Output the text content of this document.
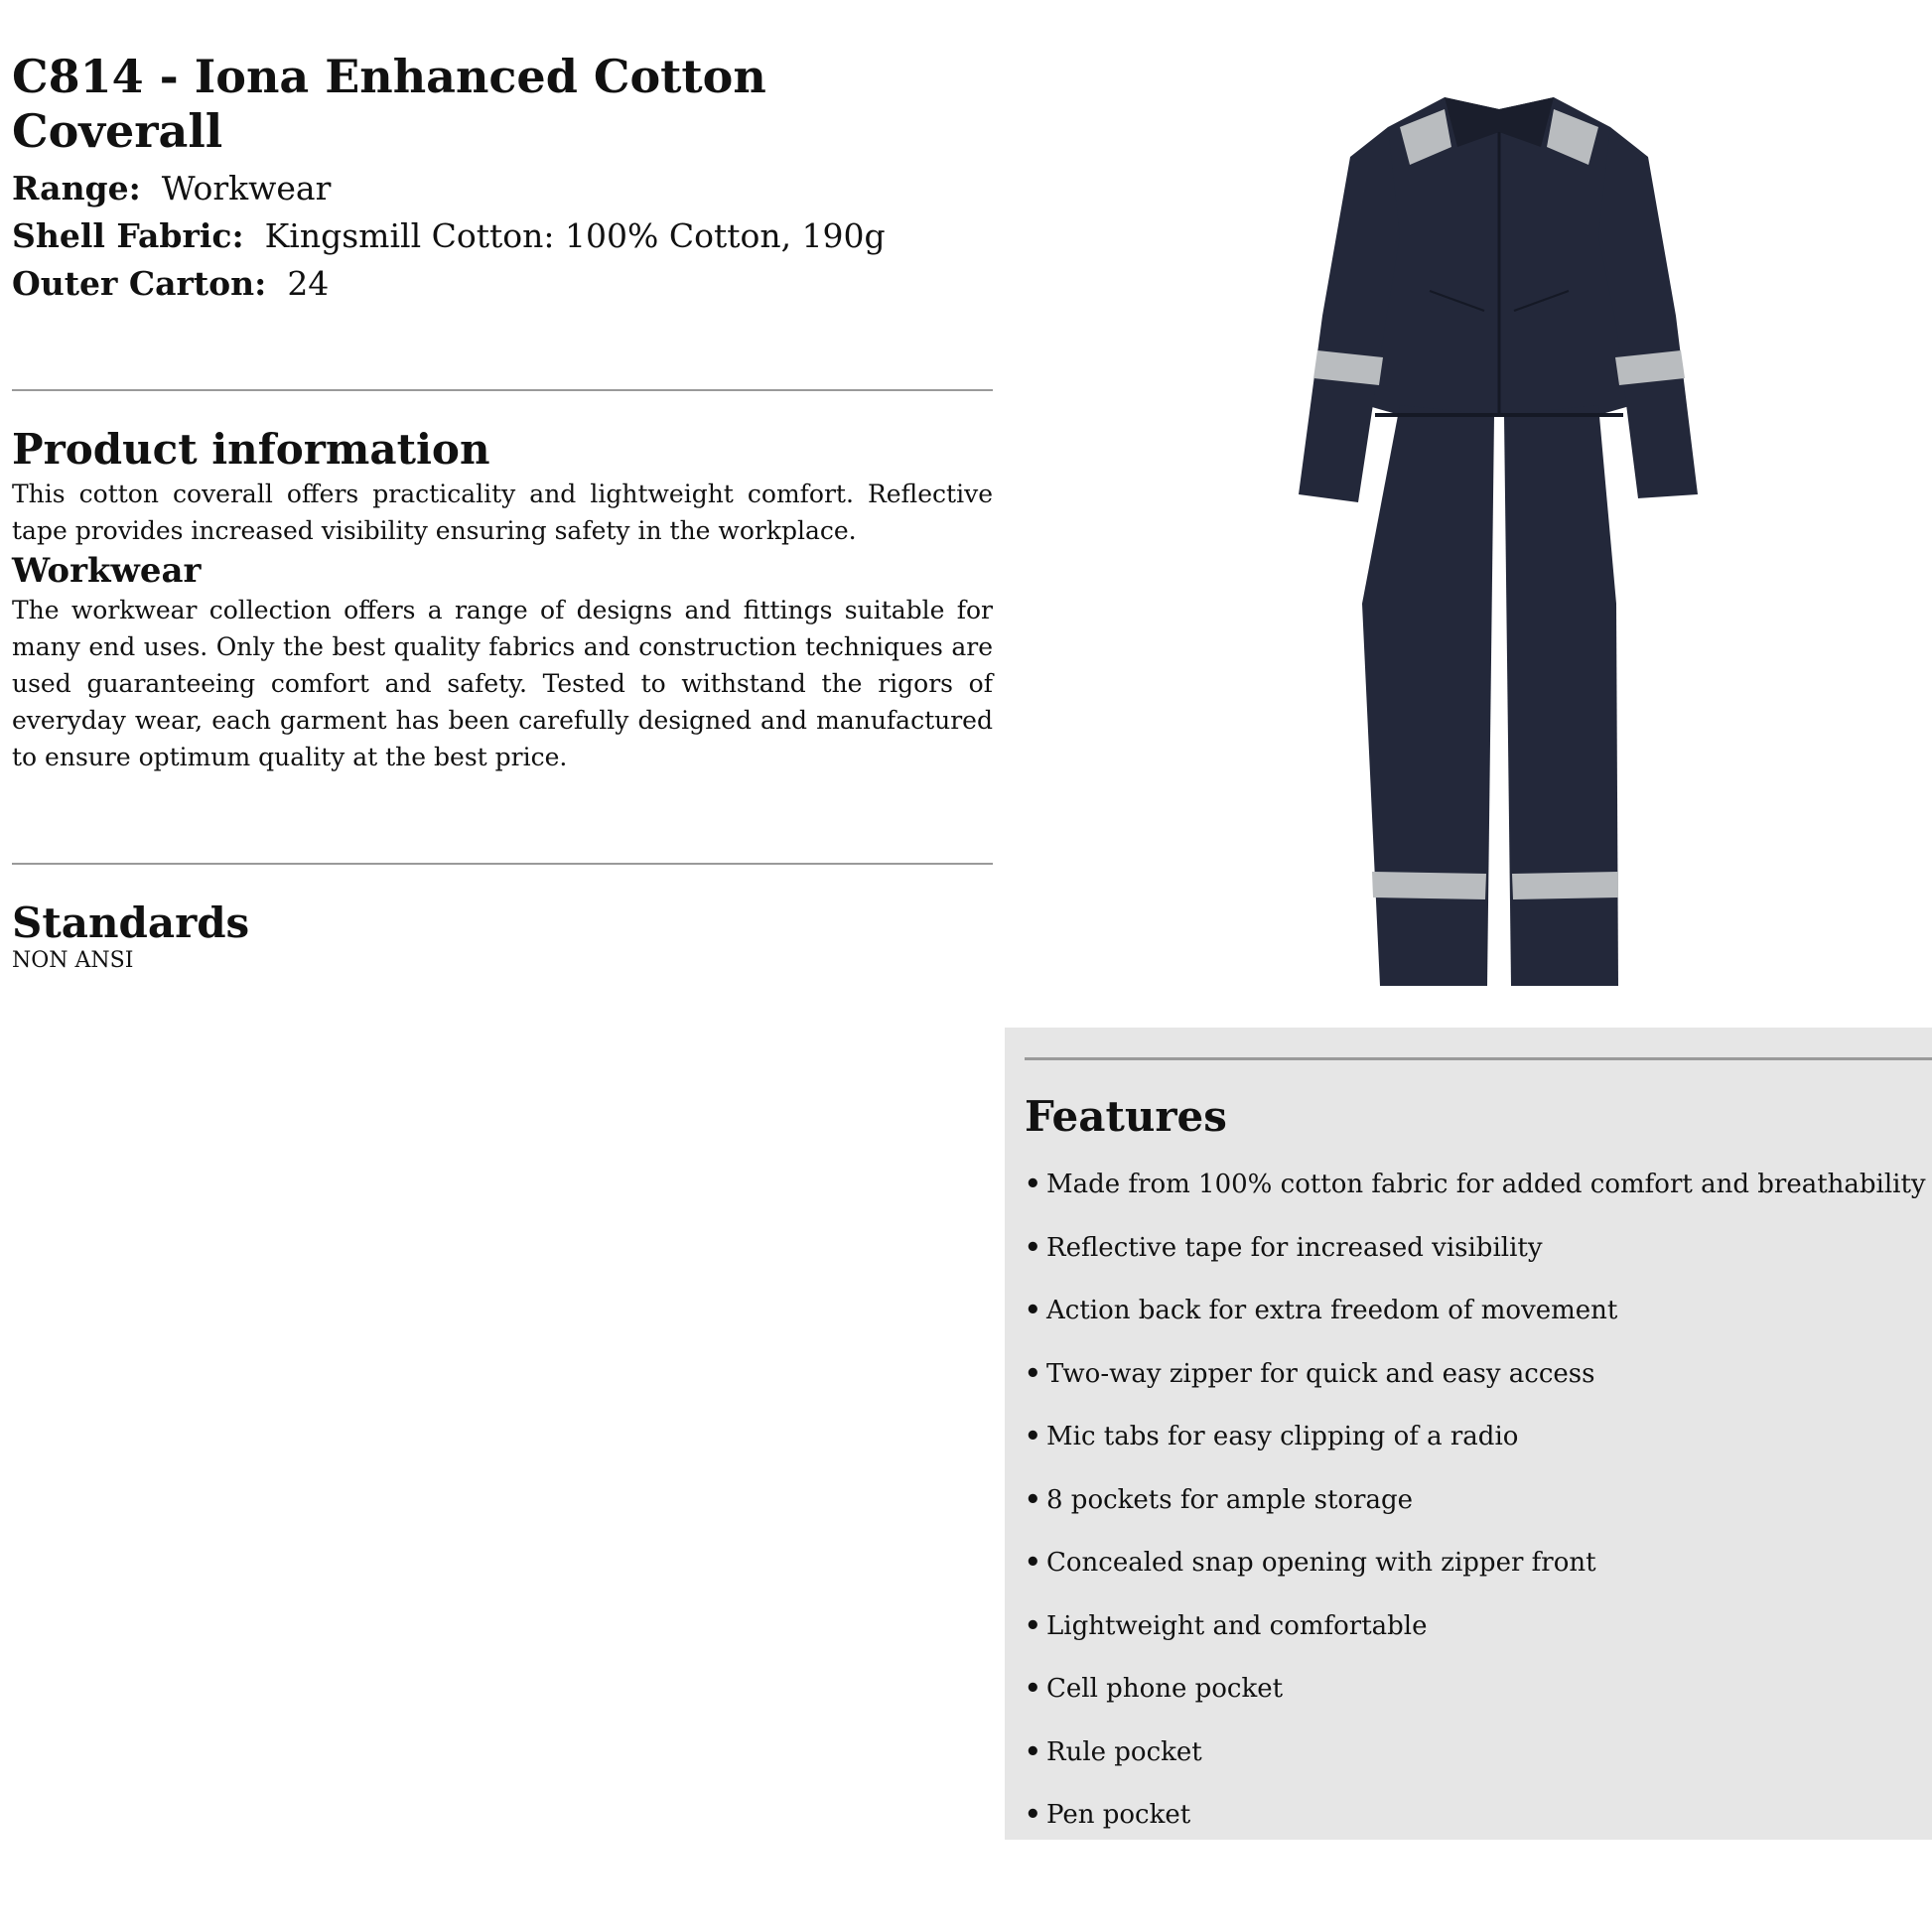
C814 - Iona Enhanced Cotton Coverall
Range: Workwear
Shell Fabric: Kingsmill Cotton: 100% Cotton, 190g
Outer Carton: 24
Product information

This cotton coverall offers practicality and lightweight comfort. Reflective tape provides increased visibility ensuring safety in the workplace.

Workwear

The workwear collection offers a range of designs and fittings suitable for many end uses. Only the best quality fabrics and construction techniques are used guaranteeing comfort and safety. Tested to withstand the rigors of everyday wear, each garment has been carefully designed and manufactured to ensure optimum quality at the best price.

Standards

NON ANSI

Features
• Made from 100% cotton fabric for added comfort and breathability
• Reflective tape for increased visibility
• Action back for extra freedom of movement
• Two-way zipper for quick and easy access
• Mic tabs for easy clipping of a radio
• 8 pockets for ample storage
• Concealed snap opening with zipper front
• Lightweight and comfortable
• Cell phone pocket
• Rule pocket
• Pen pocket
